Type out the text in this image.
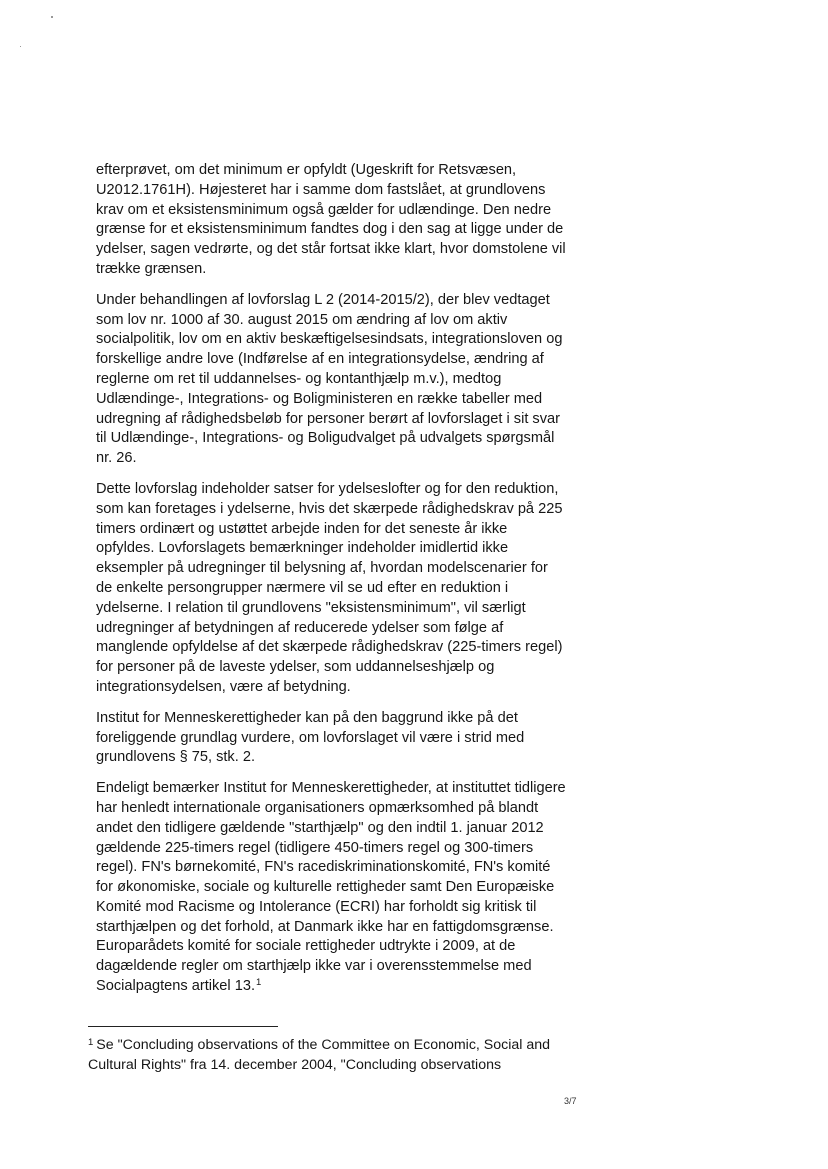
efterprøvet, om det minimum er opfyldt (Ugeskrift for Retsvæsen, U2012.1761H). Højesteret har i samme dom fastslået, at grundlovens krav om et eksistensminimum også gælder for udlændinge. Den nedre grænse for et eksistensminimum fandtes dog i den sag at ligge under de ydelser, sagen vedrørte, og det står fortsat ikke klart, hvor domstolene vil trække grænsen.

Under behandlingen af lovforslag L 2 (2014-2015/2), der blev vedtaget som lov nr. 1000 af 30. august 2015 om ændring af lov om aktiv socialpolitik, lov om en aktiv beskæftigelsesindsats, integrationsloven og forskellige andre love (Indførelse af en integrationsydelse, ændring af reglerne om ret til uddannelses- og kontanthjælp m.v.), medtog Udlændinge-, Integrations- og Boligministeren en række tabeller med udregning af rådighedsbeløb for personer berørt af lovforslaget i sit svar til Udlændinge-, Integrations- og Boligudvalget på udvalgets spørgsmål nr. 26.

Dette lovforslag indeholder satser for ydelseslofter og for den reduktion, som kan foretages i ydelserne, hvis det skærpede rådighedskrav på 225 timers ordinært og ustøttet arbejde inden for det seneste år ikke opfyldes. Lovforslagets bemærkninger indeholder imidlertid ikke eksempler på udregninger til belysning af, hvordan modelscenarier for de enkelte persongrupper nærmere vil se ud efter en reduktion i ydelserne. I relation til grundlovens "eksistensminimum", vil særligt udregninger af betydningen af reducerede ydelser som følge af manglende opfyldelse af det skærpede rådighedskrav (225-timers regel) for personer på de laveste ydelser, som uddannelseshjælp og integrationsydelsen, være af betydning.

Institut for Menneskerettigheder kan på den baggrund ikke på det foreliggende grundlag vurdere, om lovforslaget vil være i strid med grundlovens § 75, stk. 2.

Endeligt bemærker Institut for Menneskerettigheder, at instituttet tidligere har henledt internationale organisationers opmærksomhed på blandt andet den tidligere gældende "starthjælp" og den indtil 1. januar 2012 gældende 225-timers regel (tidligere 450-timers regel og 300-timers regel). FN's børnekomité, FN's racediskriminationskomité, FN's komité for økonomiske, sociale og kulturelle rettigheder samt Den Europæiske Komité mod Racisme og Intolerance (ECRI) har forholdt sig kritisk til starthjælpen og det forhold, at Danmark ikke har en fattigdomsgrænse. Europarådets komité for sociale rettigheder udtrykte i 2009, at de dagældende regler om starthjælp ikke var i overensstemmelse med Socialpagtens artikel 13.$^1$

$^1$ Se "Concluding observations of the Committee on Economic, Social and Cultural Rights" fra 14. december 2004, "Concluding observations

3/7
